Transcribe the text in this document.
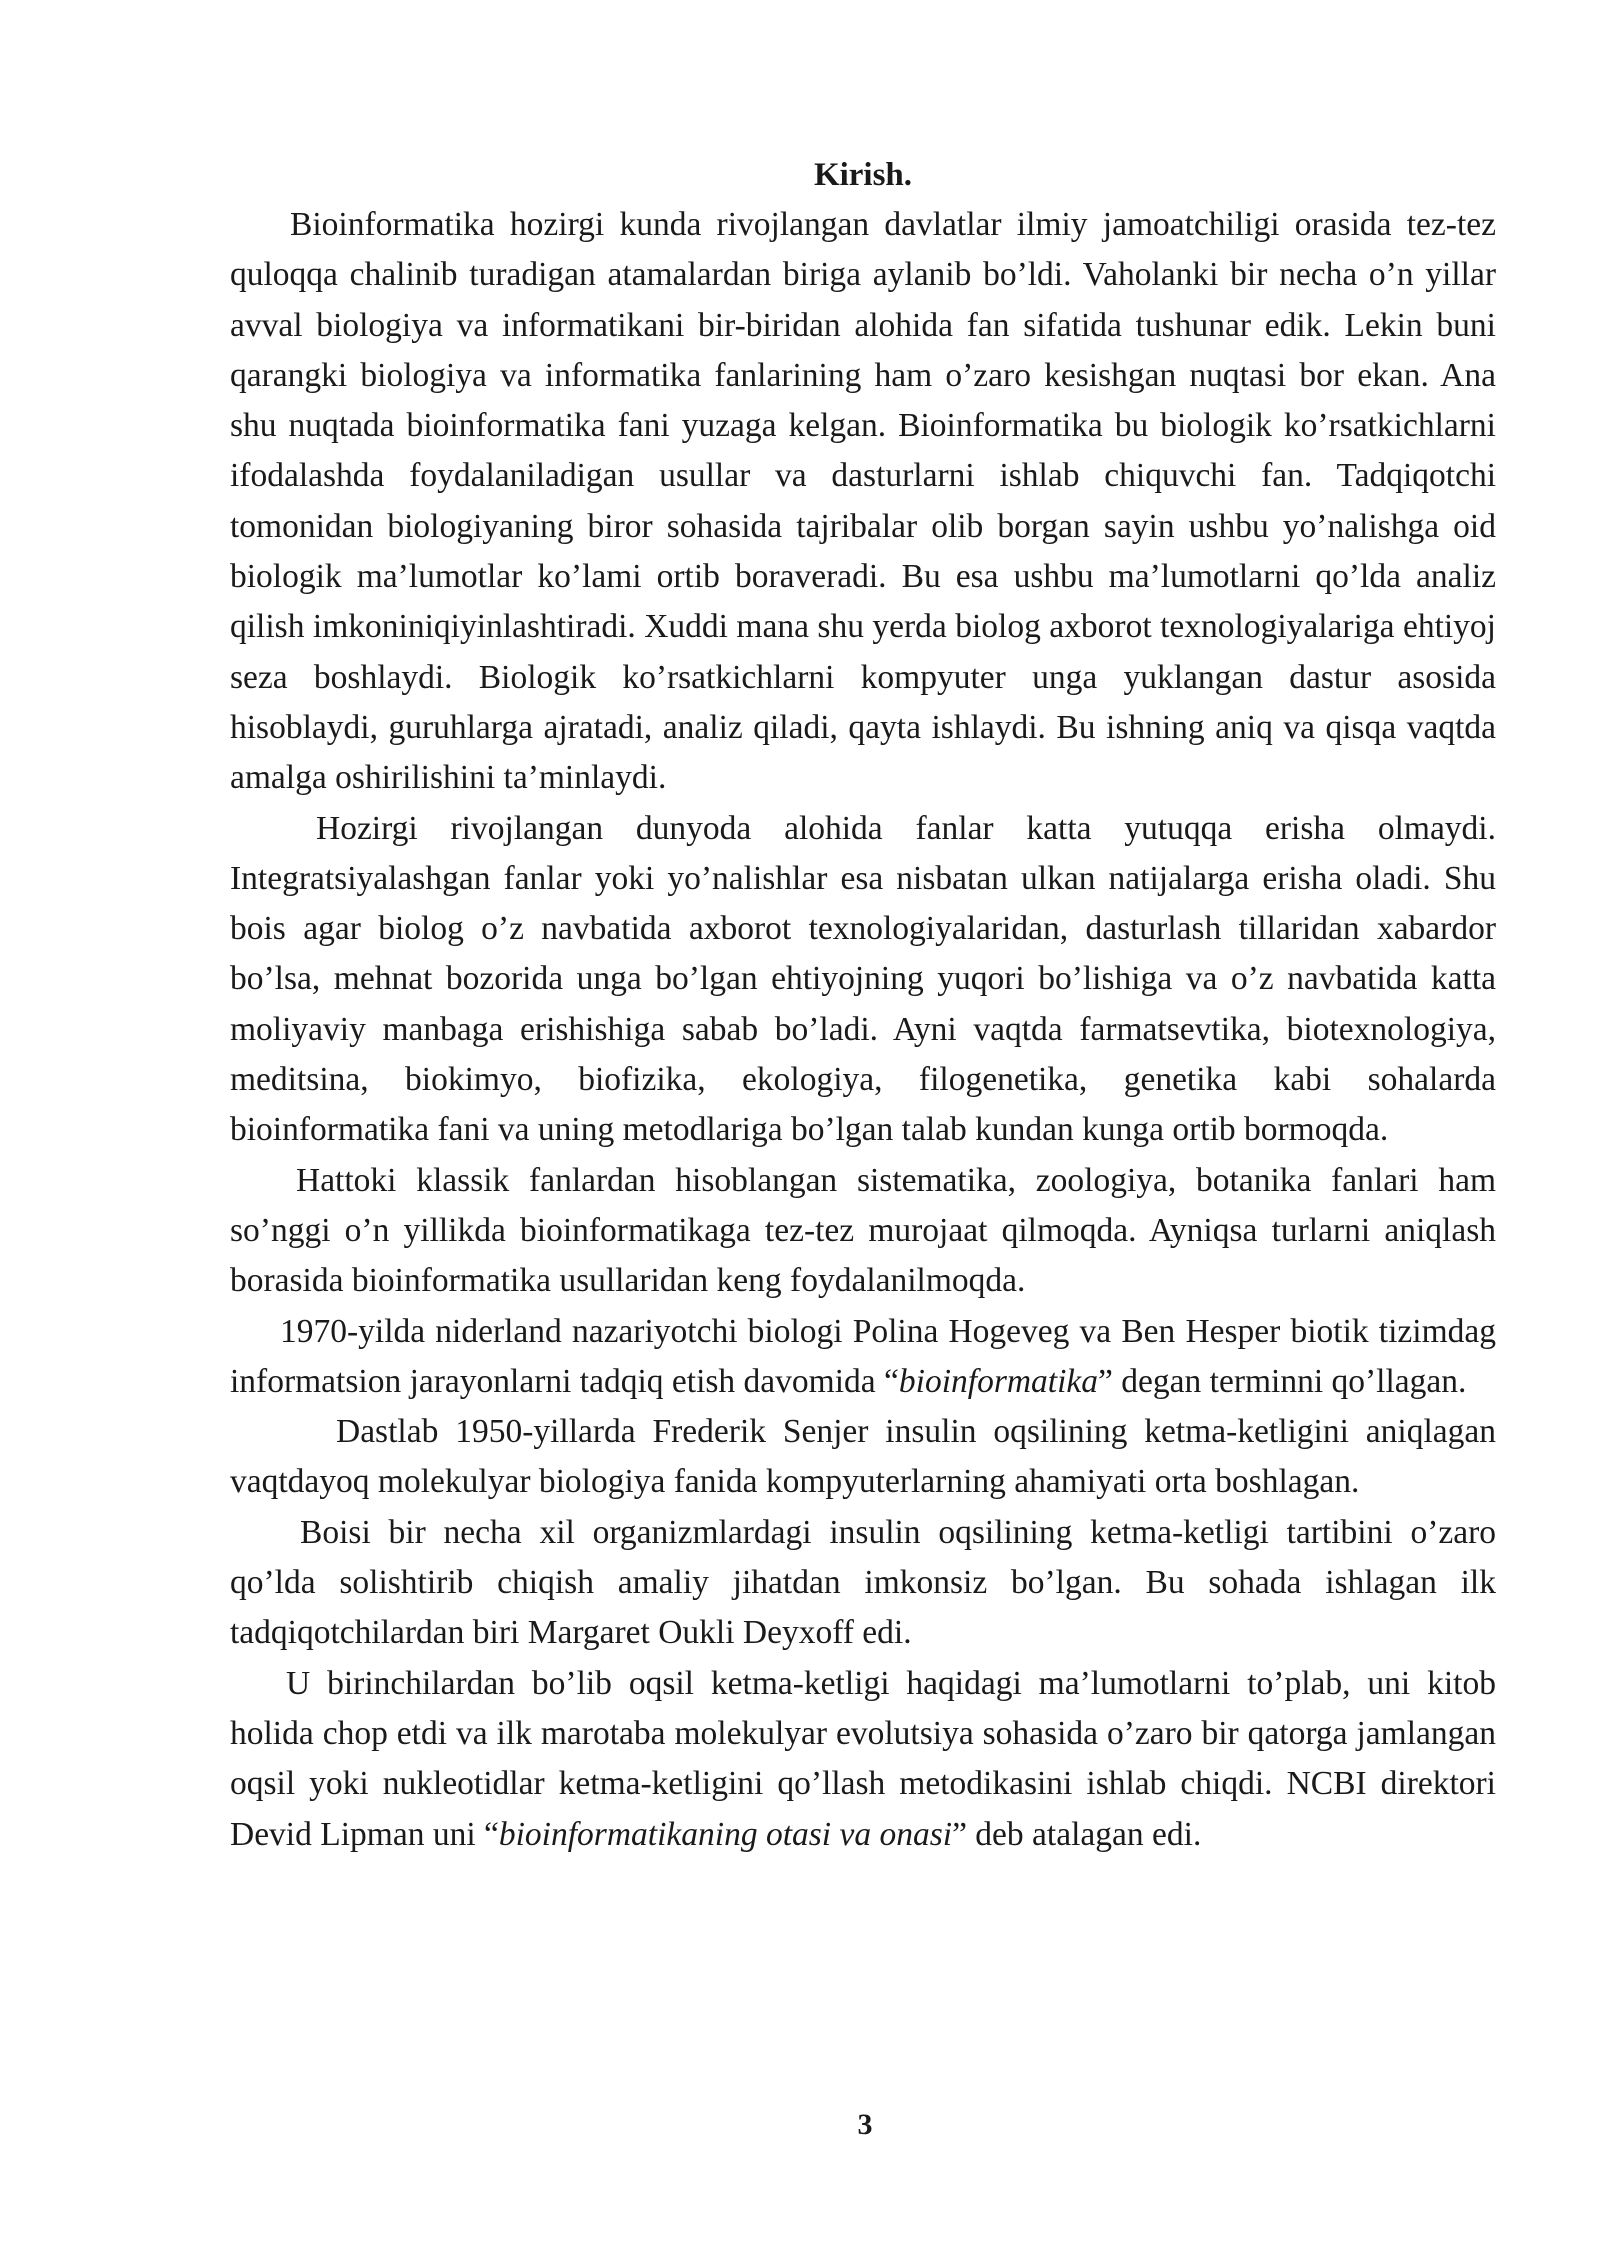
Kirish.

Bioinformatika hozirgi kunda rivojlangan davlatlar ilmiy jamoatchiligi orasida tez-tez quloqqa chalinib turadigan atamalardan biriga aylanib bo’ldi. Vaholanki bir necha o’n yillar avval biologiya va informatikani bir-biridan alohida fan sifatida tushunar edik. Lekin buni qarangki biologiya va informatika fanlarining ham o’zaro kesishgan nuqtasi bor ekan. Ana shu nuqtada bioinformatika fani yuzaga kelgan. Bioinformatika bu biologik ko’rsatkichlarni ifodalashda foydalaniladigan usullar va dasturlarni ishlab chiquvchi fan. Tadqiqotchi tomonidan biologiyaning biror sohasida tajribalar olib borgan sayin ushbu yo’nalishga oid biologik ma’lumotlar ko’lami ortib boraveradi. Bu esa ushbu ma’lumotlarni qo’lda analiz qilish imkoniniqiyinlashtiradi. Xuddi mana shu yerda biolog axborot texnologiyalariga ehtiyoj seza boshlaydi. Biologik ko’rsatkichlarni kompyuter unga yuklangan dastur asosida hisoblaydi, guruhlarga ajratadi, analiz qiladi, qayta ishlaydi. Bu ishning aniq va qisqa vaqtda amalga oshirilishini ta’minlaydi.

Hozirgi rivojlangan dunyoda alohida fanlar katta yutuqqa erisha olmaydi. Integratsiyalashgan fanlar yoki yo’nalishlar esa nisbatan ulkan natijalarga erisha oladi. Shu bois agar biolog o’z navbatida axborot texnologiyalaridan, dasturlash tillaridan xabardor bo’lsa, mehnat bozorida unga bo’lgan ehtiyojning yuqori bo’lishiga va o’z navbatida katta moliyaviy manbaga erishishiga sabab bo’ladi. Ayni vaqtda farmatsevtika, biotexnologiya, meditsina, biokimyo, biofizika, ekologiya, filogenetika, genetika kabi sohalarda bioinformatika fani va uning metodlariga bo’lgan talab kundan kunga ortib bormoqda.

Hattoki klassik fanlardan hisoblangan sistematika, zoologiya, botanika fanlari ham so’nggi o’n yillikda bioinformatikaga tez-tez murojaat qilmoqda. Ayniqsa turlarni aniqlash borasida bioinformatika usullaridan keng foydalanilmoqda.

1970-yilda niderland nazariyotchi biologi Polina Hogeveg va Ben Hesper biotik tizimdag informatsion jarayonlarni tadqiq etish davomida “bioinformatika” degan terminni qo’llagan.

Dastlab 1950-yillarda Frederik Senjer insulin oqsilining ketma-ketligini aniqlagan vaqtdayoq molekulyar biologiya fanida kompyuterlarning ahamiyati orta boshlagan.

Boisi bir necha xil organizmlardagi insulin oqsilining ketma-ketligi tartibini o’zaro qo’lda solishtirib chiqish amaliy jihatdan imkonsiz bo’lgan. Bu sohada ishlagan ilk tadqiqotchilardan biri Margaret Oukli Deyxoff edi.

U birinchilardan bo’lib oqsil ketma-ketligi haqidagi ma’lumotlarni to’plab, uni kitob holida chop etdi va ilk marotaba molekulyar evolutsiya sohasida o’zaro bir qatorga jamlangan oqsil yoki nukleotidlar ketma-ketligini qo’llash metodikasini ishlab chiqdi. NCBI direktori Devid Lipman uni “bioinformatikaning otasi va onasi” deb atalagan edi.

3
